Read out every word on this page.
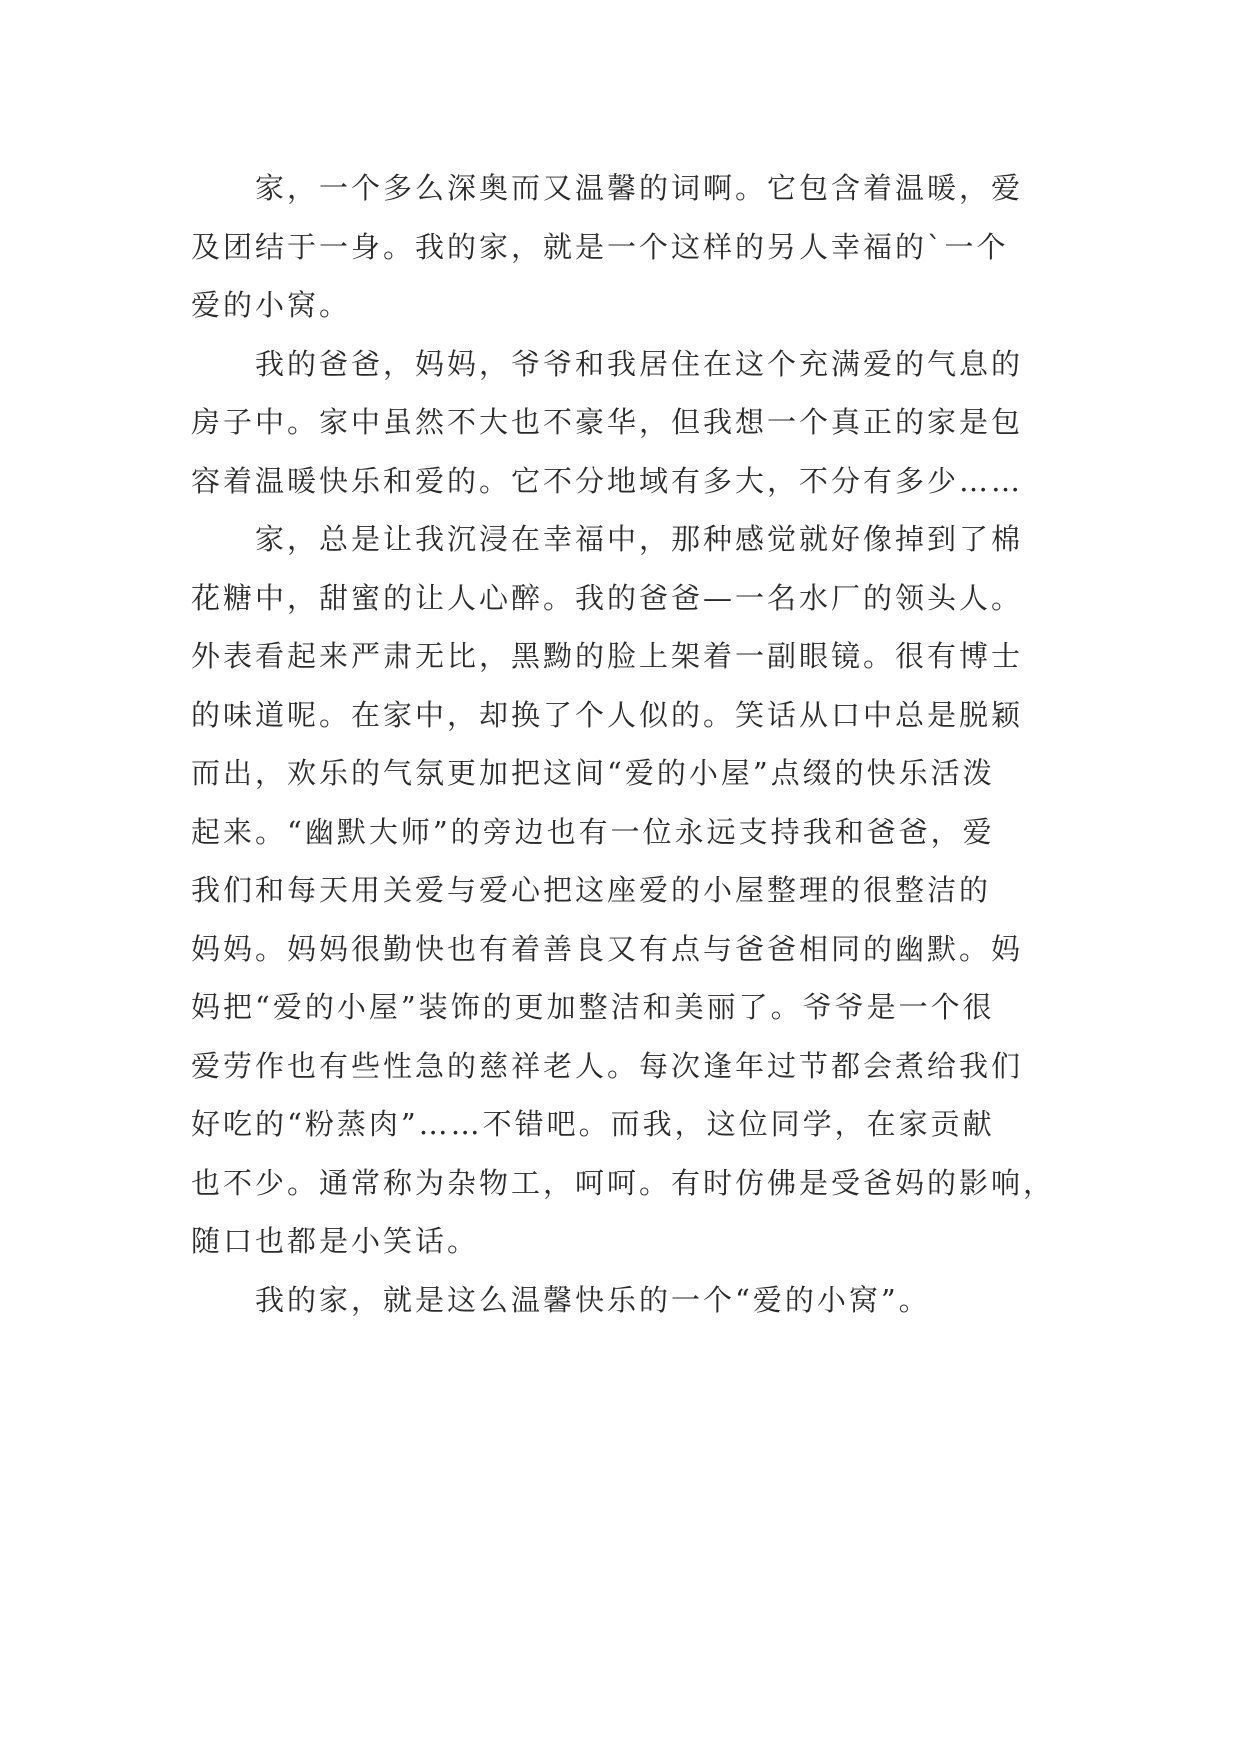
家，一个多么深奥而又温馨的词啊。它包含着温暖，爱
及团结于一身。我的家，就是一个这样的另人幸福的`一个
爱的小窝。
我的爸爸，妈妈，爷爷和我居住在这个充满爱的气息的
房子中。家中虽然不大也不豪华，但我想一个真正的家是包
容着温暖快乐和爱的。它不分地域有多大，不分有多少……
家，总是让我沉浸在幸福中，那种感觉就好像掉到了棉
花糖中，甜蜜的让人心醉。我的爸爸—一名水厂的领头人。
外表看起来严肃无比，黑黝的脸上架着一副眼镜。很有博士
的味道呢。在家中，却换了个人似的。笑话从口中总是脱颖
而出，欢乐的气氛更加把这间“爱的小屋”点缀的快乐活泼
起来。“幽默大师”的旁边也有一位永远支持我和爸爸，爱
我们和每天用关爱与爱心把这座爱的小屋整理的很整洁的
妈妈。妈妈很勤快也有着善良又有点与爸爸相同的幽默。妈
妈把“爱的小屋”装饰的更加整洁和美丽了。爷爷是一个很
爱劳作也有些性急的慈祥老人。每次逢年过节都会煮给我们
好吃的“粉蒸肉”……不错吧。而我，这位同学，在家贡献
也不少。通常称为杂物工，呵呵。有时仿佛是受爸妈的影响，
随口也都是小笑话。
我的家，就是这么温馨快乐的一个“爱的小窝”。
